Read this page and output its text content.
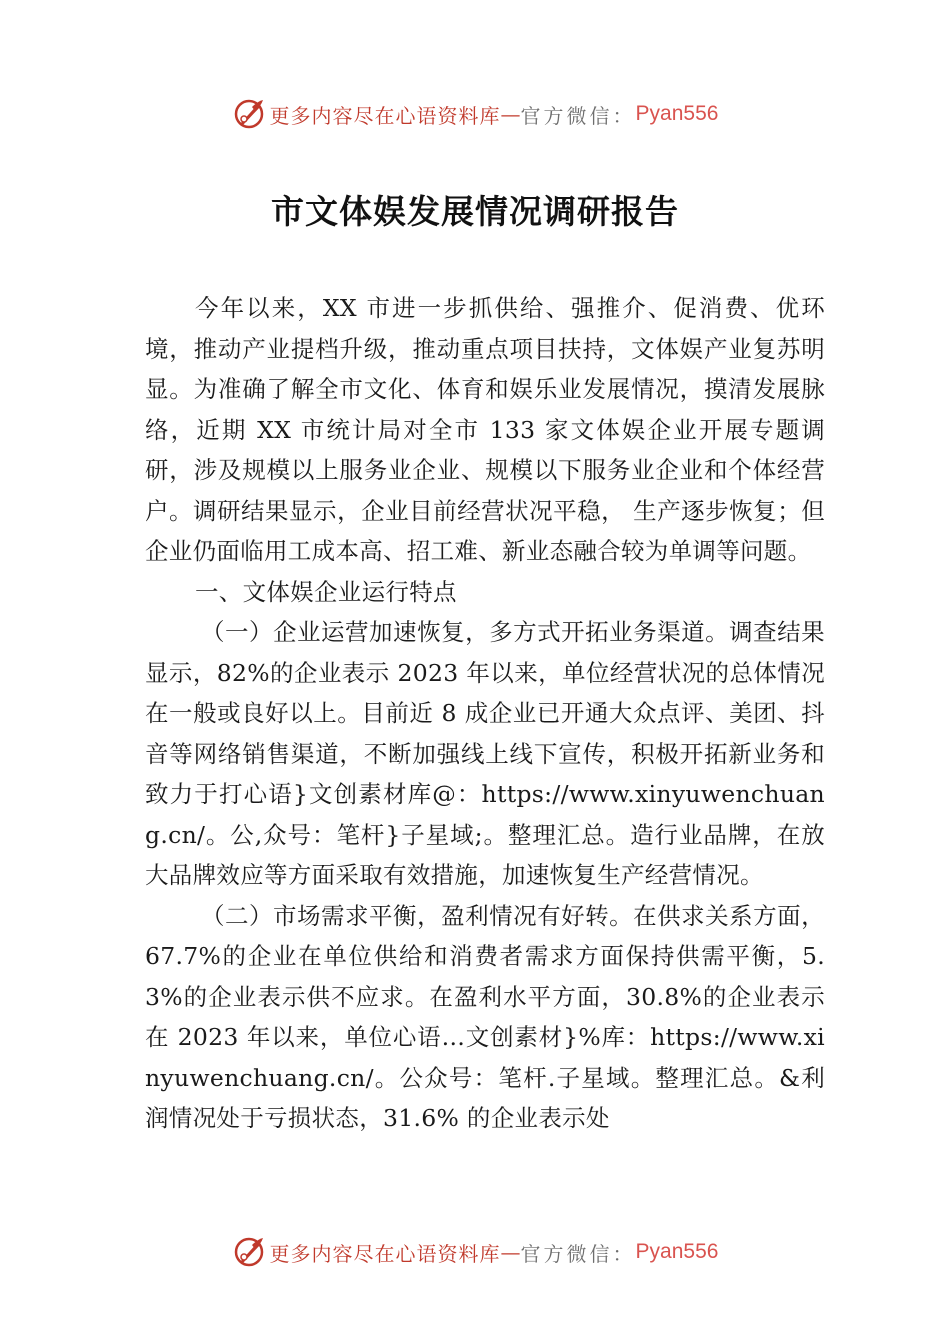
更多内容尽在心语资料库 — 官方微信： Pyan556
市文体娱发展情况调研报告

今年以来，XX 市进一步抓供给、强推介、促消费、优环境，推动产业提档升级，推动重点项目扶持，文体娱产业复苏明显。为准确了解全市文化、体育和娱乐业发展情况，摸清发展脉络，近期 XX 市统计局对全市 133 家文体娱企业开展专题调研，涉及规模以上服务业企业、规模以下服务业企业和个体经营户。调研结果显示，企业目前经营状况平稳， 生产逐步恢复；但企业仍面临用工成本高、招工难、新业态融合较为单调等问题。

一、文体娱企业运行特点

（一）企业运营加速恢复，多方式开拓业务渠道。调查结果显示，82%的企业表示 2023 年以来，单位经营状况的总体情况在一般或良好以上。目前近 8 成企业已开通大众点评、美团、抖音等网络销售渠道，不断加强线上线下宣传，积极开拓新业务和致力于打心语}文创素材库@：https://www.xinyuwenchuang.cn/。公,众号：笔杆}子星域;。整理汇总。造行业品牌，在放大品牌效应等方面采取有效措施，加速恢复生产经营情况。

（二）市场需求平衡，盈利情况有好转。在供求关系方面，67.7%的企业在单位供给和消费者需求方面保持供需平衡，5.3%的企业表示供不应求。在盈利水平方面，30.8%的企业表示在 2023 年以来，单位心语…文创素材}%库：https://www.xinyuwenchuang.cn/。公众号：笔杆.子星域。整理汇总。&利润情况处于亏损状态，31.6% 的企业表示处

更多内容尽在心语资料库 — 官方微信： Pyan556
